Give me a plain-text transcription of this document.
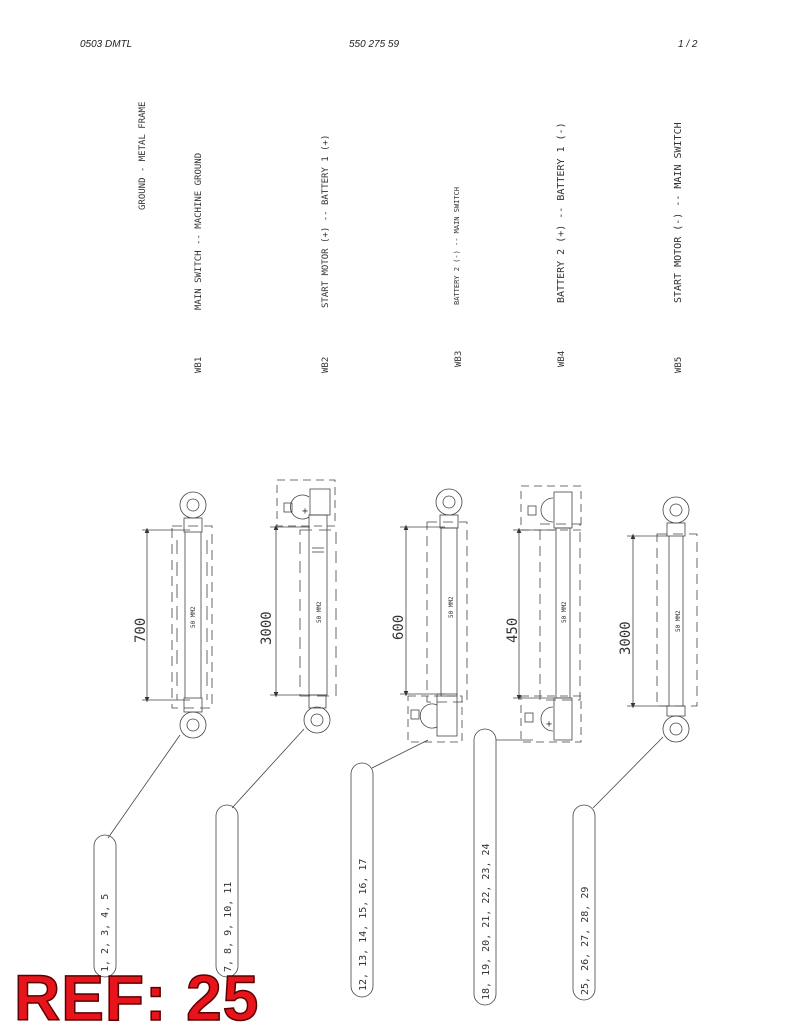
0503 DMTL	550 275 59	1 / 2
GROUND - METAL FRAME	MAIN SWITCH -- MACHINE GROUND
WB1
START MOTOR (+) -- BATTERY 1 (+)
WB2
BATTERY 2 (-) -- MAIN SWITCH
WB3
BATTERY 2 (+) -- BATTERY 1 (-)
WB4
START MOTOR (-) -- MAIN SWITCH
WB5
+
+
700	3000	600	450	3000
50 MM2	50 MM2	50 MM2	50 MM2	50 MM2
1, 2, 3, 4, 5	7, 8, 9, 10, 11	12, 13, 14, 15, 16, 17	18, 19, 20, 21, 22, 23, 24	25, 26, 27, 28, 29
REF: 25
